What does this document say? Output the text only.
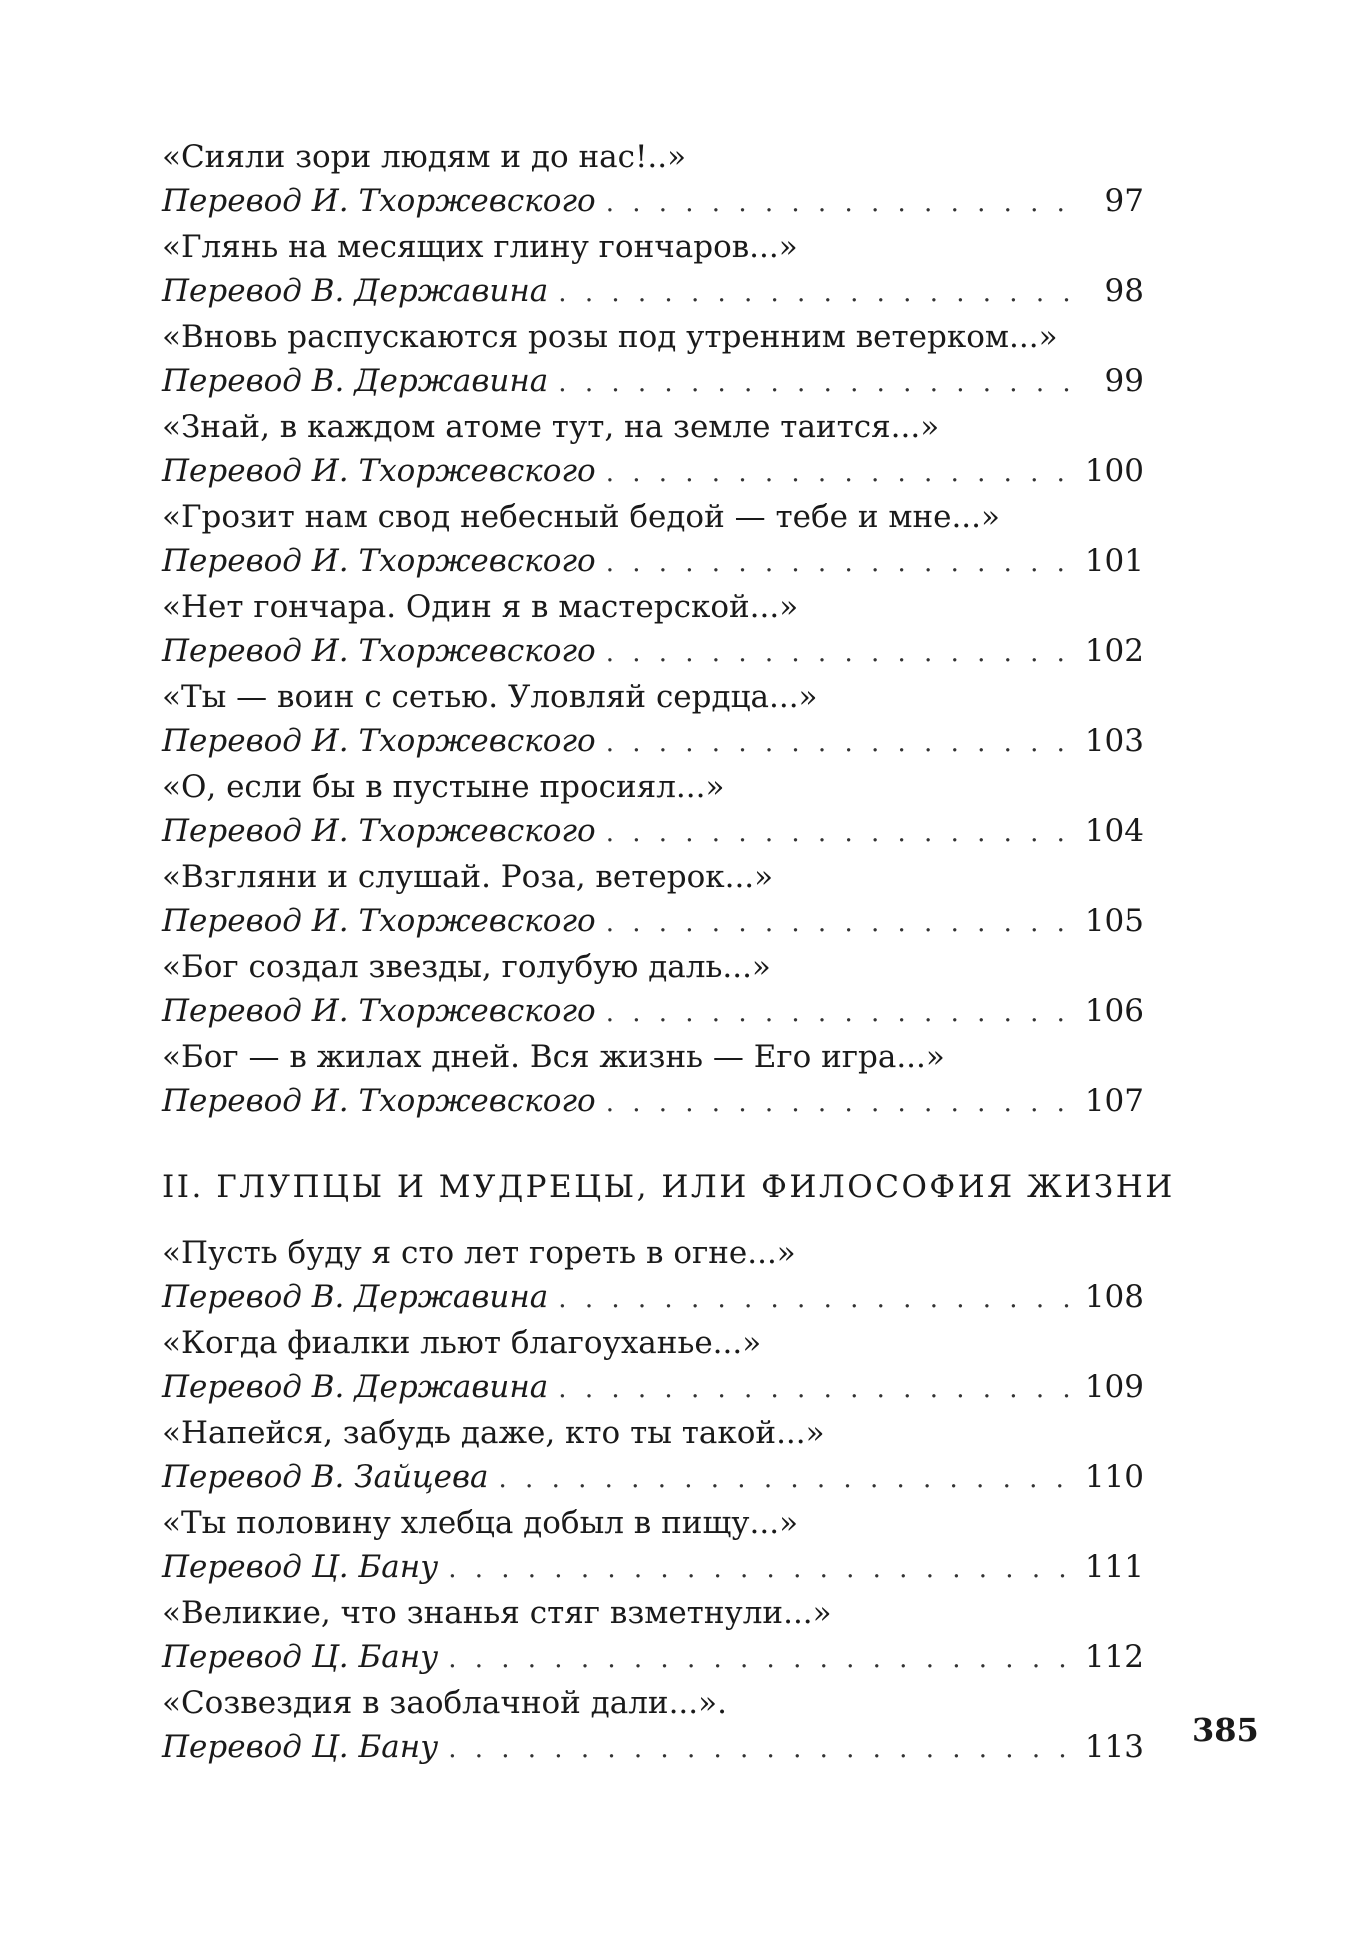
«Сияли зори людям и до нас!..»
Перевод И. Тхоржевского . . .	97
«Глянь на месящих глину гончаров...»
Перевод В. Державина . . .	98
«Вновь распускаются розы под утренним ветерком...»
Перевод В. Державина . . .	99
«Знай, в каждом атоме тут, на земле таится...»
Перевод И. Тхоржевского . . .	100
«Грозит нам свод небесный бедой — тебе и мне...»
Перевод И. Тхоржевского . . .	101
«Нет гончара. Один я в мастерской...»
Перевод И. Тхоржевского . . .	102
«Ты — воин с сетью. Уловляй сердца...»
Перевод И. Тхоржевского . . .	103
«О, если бы в пустыне просиял...»
Перевод И. Тхоржевского . . .	104
«Взгляни и слушай. Роза, ветерок...»
Перевод И. Тхоржевского . . .	105
«Бог создал звезды, голубую даль...»
Перевод И. Тхоржевского . . .	106
«Бог — в жилах дней. Вся жизнь — Его игра...»
Перевод И. Тхоржевского . . .	107
II. ГЛУПЦЫ И МУДРЕЦЫ, ИЛИ ФИЛОСОФИЯ ЖИЗНИ
«Пусть буду я сто лет гореть в огне...»
Перевод В. Державина . . .	108
«Когда фиалки льют благоуханье...»
Перевод В. Державина . . .	109
«Напейся, забудь даже, кто ты такой...»
Перевод В. Зайцева . . .	110
«Ты половину хлебца добыл в пищу...»
Перевод Ц. Бану . . .	111
«Великие, что знанья стяг взметнули...»
Перевод Ц. Бану . . .	112
«Созвездия в заоблачной дали...».
Перевод Ц. Бану . . .	113 385
